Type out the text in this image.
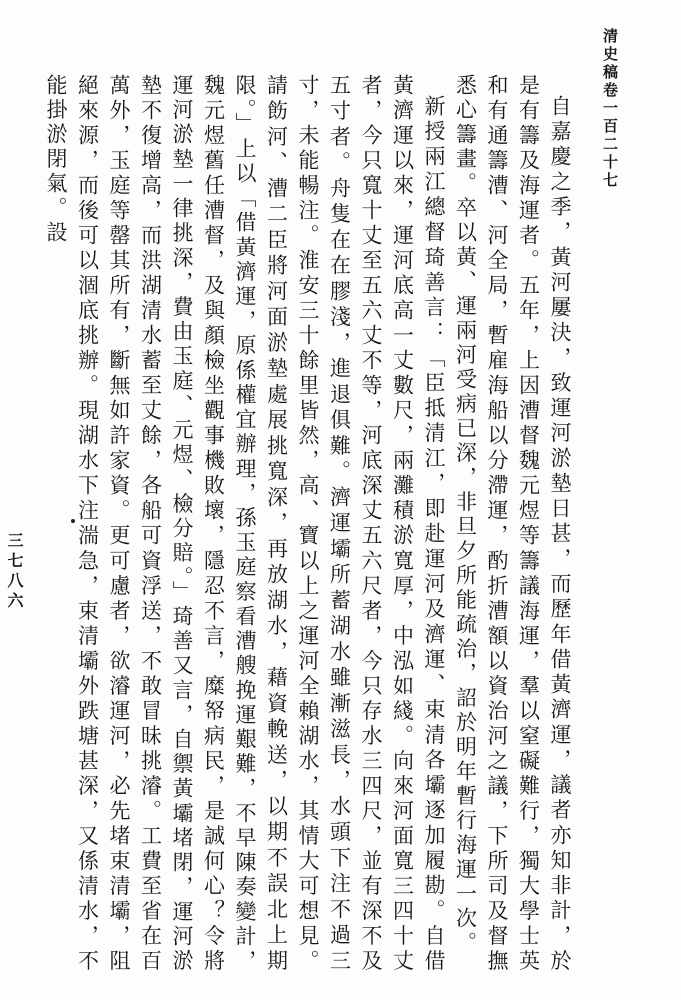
清史稿卷一百二十七
三七八六	自嘉慶之季，黃河屢決，致運河淤墊日甚，而歷年借黃濟運，議者亦知非計，於是有籌及海運者。五年，上因漕督魏元煜等籌議海運，羣以窒礙難行，獨大學士英和有通籌漕、河全局，暫雇海船以分滯運，酌折漕額以資治河之議，下所司及督撫悉心籌畫。卒以黃、運兩河受病已深，非旦夕所能疏治，詔於明年暫行海運一次。

新授兩江總督琦善言：「臣抵清江，即赴運河及濟運、束清各壩逐加履勘。自借黃濟運以來，運河底高一丈數尺，兩灘積淤寬厚，中泓如綫。向來河面寬三四十丈者，今只寬十丈至五六丈不等，河底深丈五六尺者，今只存水三四尺，並有深不及五寸者。舟隻在在膠淺，進退俱難。濟運壩所蓄湖水雖漸滋長，水頭下注不過三寸，未能暢注。淮安三十餘里皆然，高、寶以上之運河全賴湖水，其情大可想見。請飭河、漕二臣將河面淤墊處展挑寬深，再放湖水，藉資輓送，以期不誤北上期限。」上以「借黃濟運，原係權宜辦理，孫玉庭察看漕艘挽運艱難，不早陳奏變計，魏元煜舊任漕督，及與顏檢坐觀事機敗壞，隱忍不言，糜帑病民，是誠何心？令將運河淤墊一律挑深，費由玉庭、元煜、檢分賠。」琦善又言，自禦黃壩堵閉，運河淤墊不復增高，而洪湖清水蓄至丈餘，各船可資浮送，不敢冒昧挑濬。工費至省在百萬外，玉庭等罄其所有，斷無如許家資。更可慮者，欲濬運河，必先堵束清壩，阻絕來源，而後可以涸底挑辦。現湖水下注湍急，束清壩外跌塘甚深，又係清水，不能掛淤閉氣。設
